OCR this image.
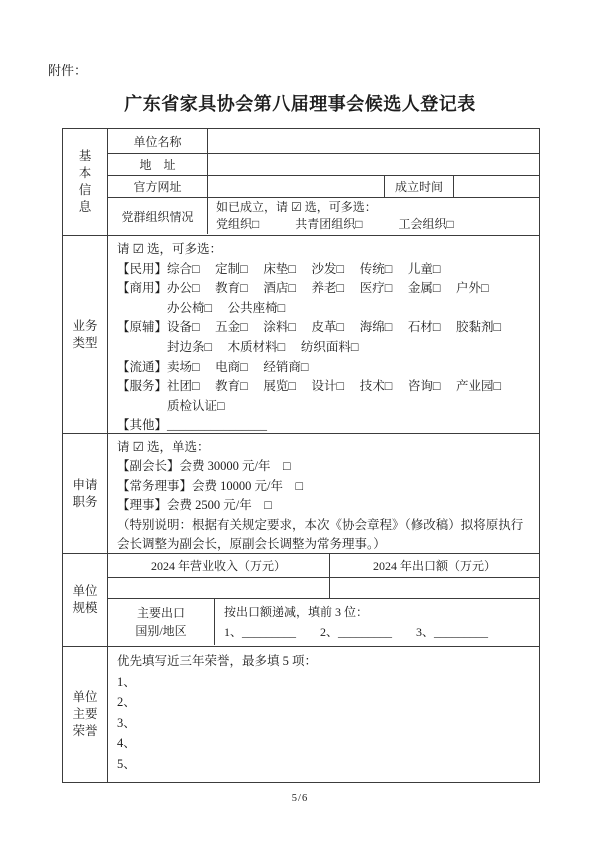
附件：
广东省家具协会第八届理事会候选人登记表
基本信息
单位名称
地　址
官方网址	成立时间
党群组织情况
如已成立，请 ☑ 选，可多选：
党组织□　　　共青团组织□　　　工会组织□
业务类型
请 ☑ 选，可多选：
【民用】综合□　 定制□　 床垫□　 沙发□　 传统□　 儿童□
【商用】办公□　 教育□　 酒店□　 养老□　 医疗□　 金属□　 户外□
　　　　办公椅□　 公共座椅□
【原辅】设备□　 五金□　 涂料□　 皮革□　 海绵□　 石材□　 胶黏剂□
　　　　封边条□　 木质材料□　 纺织面料□
【流通】卖场□　 电商□　 经销商□
【服务】社团□　 教育□　 展览□　 设计□　 技术□　 咨询□　 产业园□
　　　　质检认证□
【其他】________________
申请职务
请 ☑ 选，单选：
【副会长】会费 30000 元/年　□
【常务理事】会费 10000 元/年　□
【理事】会费 2500 元/年　□
（特别说明：根据有关规定要求，本次《协会章程》（修改稿）拟将原执行会长调整为副会长，原副会长调整为常务理事。）
单位规模
2024 年营业收入（万元）	2024 年出口额（万元）
主要出口
国别/地区
按出口额递减，填前 3 位：
1、_________　　2、_________　　3、_________
单位主要荣誉
优先填写近三年荣誉，最多填 5 项：
1、
2、
3、
4、
5、
5/6
